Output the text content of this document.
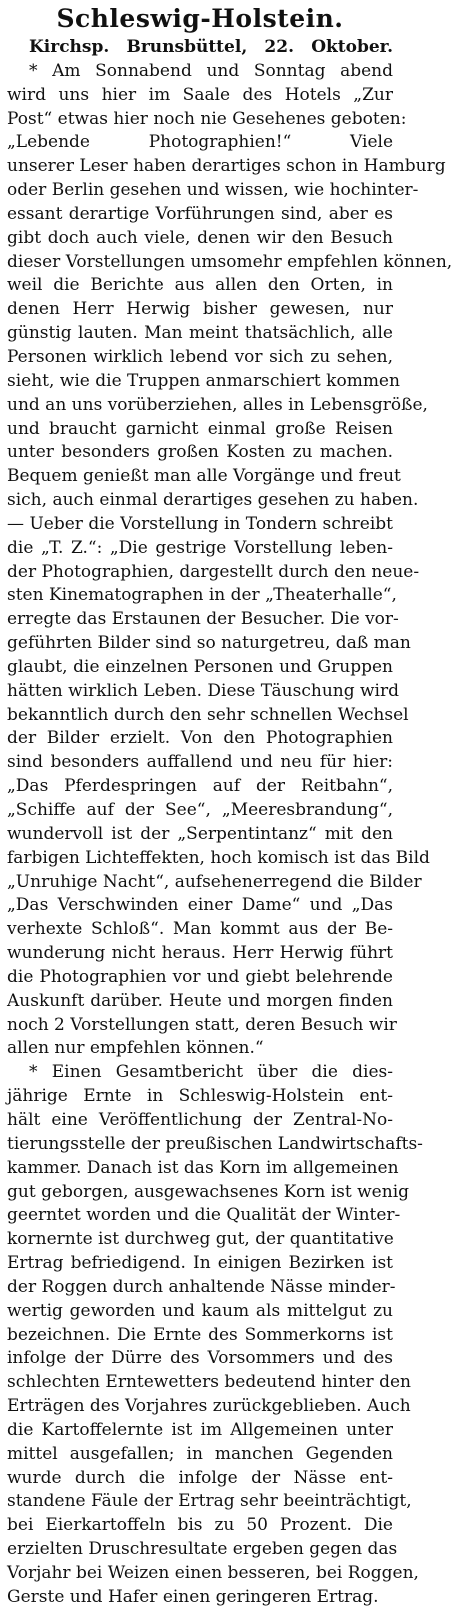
Schleswig-Holstein.
Kirchsp. Brunsbüttel, 22. Oktober.
* Am Sonnabend und Sonntag abend
wird uns hier im Saale des Hotels „Zur
Post“ etwas hier noch nie Gesehenes geboten:
„Lebende Photographien!“ Viele
unserer Leser haben derartiges schon in Hamburg
oder Berlin gesehen und wissen, wie hochinter-
essant derartige Vorführungen sind, aber es
gibt doch auch viele, denen wir den Besuch
dieser Vorstellungen umsomehr empfehlen können,
weil die Berichte aus allen den Orten, in
denen Herr Herwig bisher gewesen, nur
günstig lauten. Man meint thatsächlich, alle
Personen wirklich lebend vor sich zu sehen,
sieht, wie die Truppen anmarschiert kommen
und an uns vorüberziehen, alles in Lebensgröße,
und braucht garnicht einmal große Reisen
unter besonders großen Kosten zu machen.
Bequem genießt man alle Vorgänge und freut
sich, auch einmal derartiges gesehen zu haben.
— Ueber die Vorstellung in Tondern schreibt
die „T. Z.“: „Die gestrige Vorstellung leben-
der Photographien, dargestellt durch den neue-
sten Kinematographen in der „Theaterhalle“,
erregte das Erstaunen der Besucher. Die vor-
geführten Bilder sind so naturgetreu, daß man
glaubt, die einzelnen Personen und Gruppen
hätten wirklich Leben. Diese Täuschung wird
bekanntlich durch den sehr schnellen Wechsel
der Bilder erzielt. Von den Photographien
sind besonders auffallend und neu für hier:
„Das Pferdespringen auf der Reitbahn“,
„Schiffe auf der See“, „Meeresbrandung“,
wundervoll ist der „Serpentintanz“ mit den
farbigen Lichteffekten, hoch komisch ist das Bild
„Unruhige Nacht“, aufsehenerregend die Bilder
„Das Verschwinden einer Dame“ und „Das
verhexte Schloß“. Man kommt aus der Be-
wunderung nicht heraus. Herr Herwig führt
die Photographien vor und giebt belehrende
Auskunft darüber. Heute und morgen finden
noch 2 Vorstellungen statt, deren Besuch wir
allen nur empfehlen können.“
* Einen Gesamtbericht über die dies-
jährige Ernte in Schleswig-Holstein ent-
hält eine Veröffentlichung der Zentral-No-
tierungsstelle der preußischen Landwirtschafts-
kammer. Danach ist das Korn im allgemeinen
gut geborgen, ausgewachsenes Korn ist wenig
geerntet worden und die Qualität der Winter-
kornernte ist durchweg gut, der quantitative
Ertrag befriedigend. In einigen Bezirken ist
der Roggen durch anhaltende Nässe minder-
wertig geworden und kaum als mittelgut zu
bezeichnen. Die Ernte des Sommerkorns ist
infolge der Dürre des Vorsommers und des
schlechten Erntewetters bedeutend hinter den
Erträgen des Vorjahres zurückgeblieben. Auch
die Kartoffelernte ist im Allgemeinen unter
mittel ausgefallen; in manchen Gegenden
wurde durch die infolge der Nässe ent-
standene Fäule der Ertrag sehr beeinträchtigt,
bei Eierkartoffeln bis zu 50 Prozent. Die
erzielten Druschresultate ergeben gegen das
Vorjahr bei Weizen einen besseren, bei Roggen,
Gerste und Hafer einen geringeren Ertrag.
